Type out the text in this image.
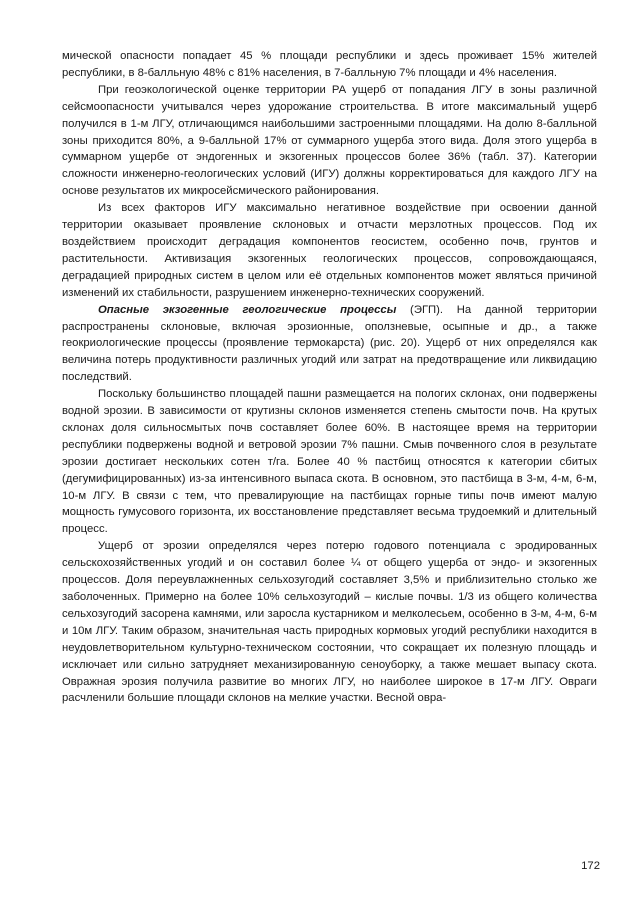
мической опасности попадает 45 % площади республики и здесь проживает 15% жителей республики, в 8-балльную 48% с 81% населения, в 7-балльную 7% площади и 4% населения.

При геоэкологической оценке территории РА ущерб от попадания ЛГУ в зоны различной сейсмоопасности учитывался через удорожание строительства. В итоге максимальный ущерб получился в 1-м ЛГУ, отличающимся наибольшими застроенными площадями. На долю 8-балльной зоны приходится 80%, а 9-балльной 17% от суммарного ущерба этого вида. Доля этого ущерба в суммарном ущербе от эндогенных и экзогенных процессов более 36% (табл. 37). Категории сложности инженерно-геологических условий (ИГУ) должны корректироваться для каждого ЛГУ на основе результатов их микросейсмического районирования.

Из всех факторов ИГУ максимально негативное воздействие при освоении данной территории оказывает проявление склоновых и отчасти мерзлотных процессов. Под их воздействием происходит деградация компонентов геосистем, особенно почв, грунтов и растительности. Активизация экзогенных геологических процессов, сопровождающаяся, деградацией природных систем в целом или её отдельных компонентов может являться причиной изменений их стабильности, разрушением инженерно-технических сооружений.

Опасные экзогенные геологические процессы (ЭГП). На данной территории распространены склоновые, включая эрозионные, оползневые, осыпные и др., а также геокриологические процессы (проявление термокарста) (рис. 20). Ущерб от них определялся как величина потерь продуктивности различных угодий или затрат на предотвращение или ликвидацию последствий.

Поскольку большинство площадей пашни размещается на пологих склонах, они подвержены водной эрозии. В зависимости от крутизны склонов изменяется степень смытости почв. На крутых склонах доля сильносмытых почв составляет более 60%. В настоящее время на территории республики подвержены водной и ветровой эрозии 7% пашни. Смыв почвенного слоя в результате эрозии достигает нескольких сотен т/га. Более 40 % пастбищ относятся к категории сбитых (дегумифицированных) из-за интенсивного выпаса скота. В основном, это пастбища в 3-м, 4-м, 6-м, 10-м ЛГУ. В связи с тем, что превалирующие на пастбищах горные типы почв имеют малую мощность гумусового горизонта, их восстановление представляет весьма трудоемкий и длительный процесс.

Ущерб от эрозии определялся через потерю годового потенциала с эродированных сельскохозяйственных угодий и он составил более ¼ от общего ущерба от эндо- и экзогенных процессов. Доля переувлажненных сельхозугодий составляет 3,5% и приблизительно столько же заболоченных. Примерно на более 10% сельхозугодий – кислые почвы. 1/3 из общего количества сельхозугодий засорена камнями, или заросла кустарником и мелколесьем, особенно в 3-м, 4-м, 6-м и 10м ЛГУ. Таким образом, значительная часть природных кормовых угодий республики находится в неудовлетворительном культурно-техническом состоянии, что сокращает их полезную площадь и исключает или сильно затрудняет механизированную сеноуборку, а также мешает выпасу скота. Овражная эрозия получила развитие во многих ЛГУ, но наиболее широкое в 17-м ЛГУ. Овраги расчленили большие площади склонов на мелкие участки. Весной овра-

172
